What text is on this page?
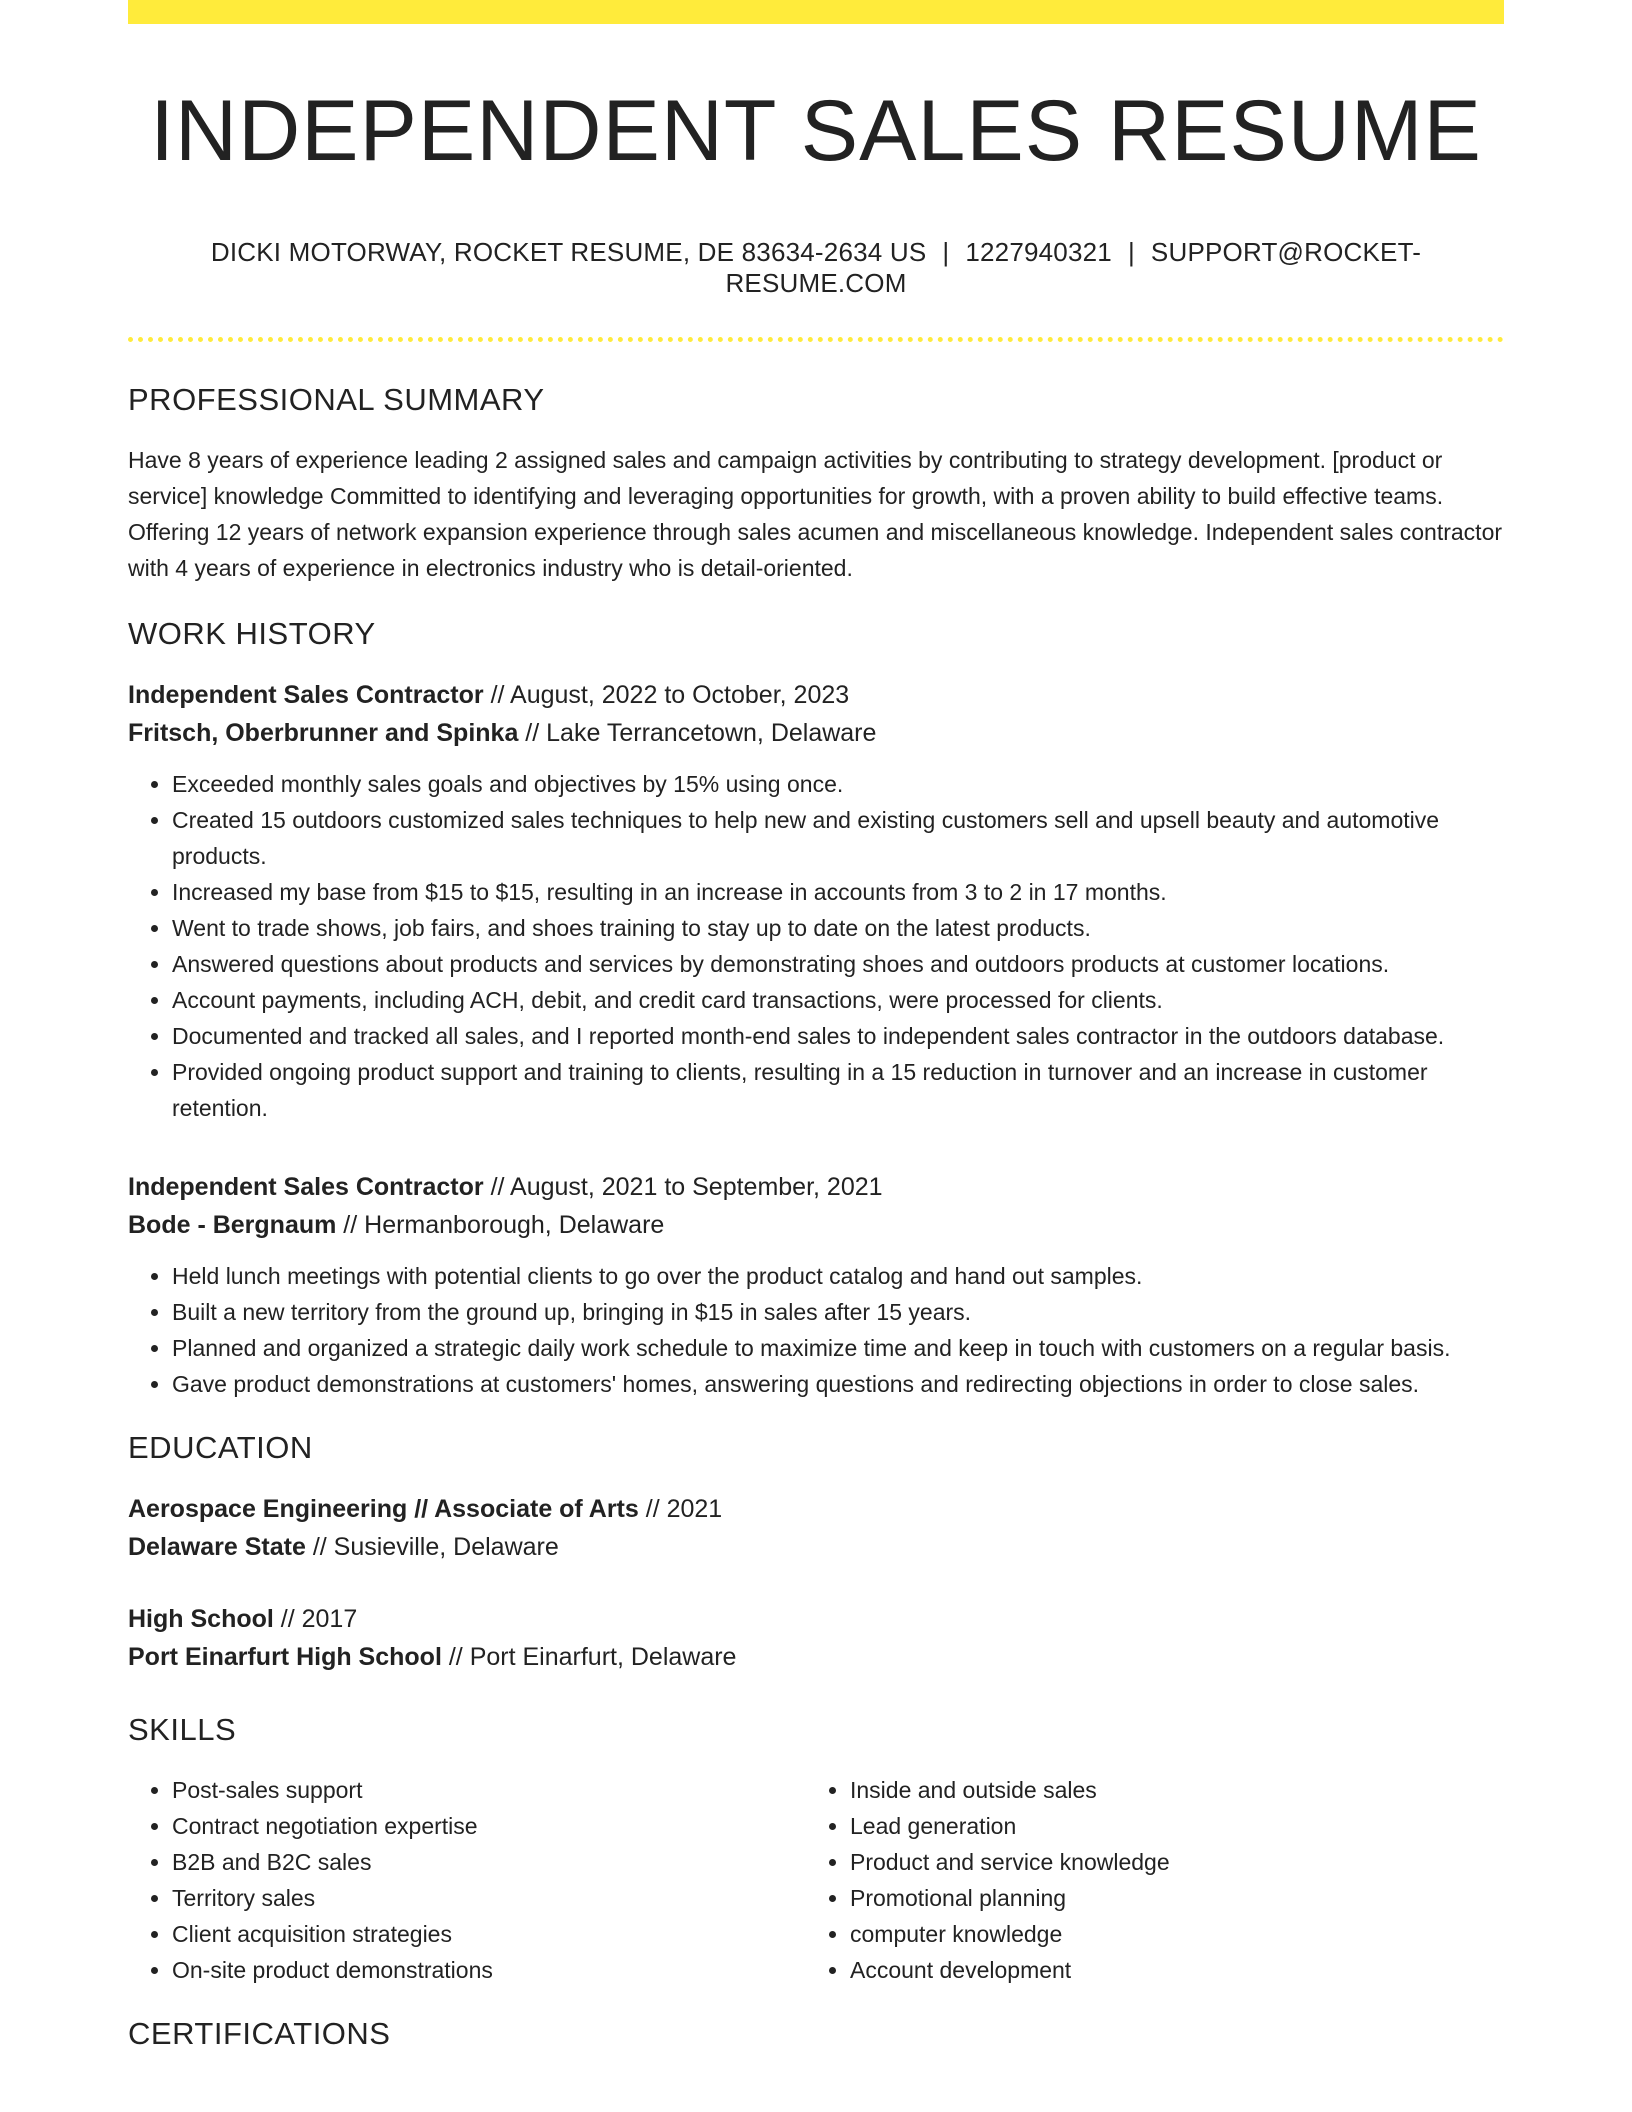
INDEPENDENT SALES RESUME
DICKI MOTORWAY, ROCKET RESUME, DE 83634-2634 US | 1227940321 | SUPPORT@ROCKET-RESUME.COM
PROFESSIONAL SUMMARY
Have 8 years of experience leading 2 assigned sales and campaign activities by contributing to strategy development. [product or service] knowledge Committed to identifying and leveraging opportunities for growth, with a proven ability to build effective teams. Offering 12 years of network expansion experience through sales acumen and miscellaneous knowledge. Independent sales contractor with 4 years of experience in electronics industry who is detail-oriented.
WORK HISTORY
Independent Sales Contractor // August, 2022 to October, 2023
Fritsch, Oberbrunner and Spinka // Lake Terrancetown, Delaware
• Exceeded monthly sales goals and objectives by 15% using once.
• Created 15 outdoors customized sales techniques to help new and existing customers sell and upsell beauty and automotive products.
• Increased my base from $15 to $15, resulting in an increase in accounts from 3 to 2 in 17 months.
• Went to trade shows, job fairs, and shoes training to stay up to date on the latest products.
• Answered questions about products and services by demonstrating shoes and outdoors products at customer locations.
• Account payments, including ACH, debit, and credit card transactions, were processed for clients.
• Documented and tracked all sales, and I reported month-end sales to independent sales contractor in the outdoors database.
• Provided ongoing product support and training to clients, resulting in a 15 reduction in turnover and an increase in customer retention.
Independent Sales Contractor // August, 2021 to September, 2021
Bode - Bergnaum // Hermanborough, Delaware
• Held lunch meetings with potential clients to go over the product catalog and hand out samples.
• Built a new territory from the ground up, bringing in $15 in sales after 15 years.
• Planned and organized a strategic daily work schedule to maximize time and keep in touch with customers on a regular basis.
• Gave product demonstrations at customers' homes, answering questions and redirecting objections in order to close sales.
EDUCATION
Aerospace Engineering // Associate of Arts // 2021
Delaware State // Susieville, Delaware
High School // 2017
Port Einarfurt High School // Port Einarfurt, Delaware
SKILLS
• Post-sales support
• Contract negotiation expertise
• B2B and B2C sales
• Territory sales
• Client acquisition strategies
• On-site product demonstrations
• Inside and outside sales
• Lead generation
• Product and service knowledge
• Promotional planning
• computer knowledge
• Account development
CERTIFICATIONS
